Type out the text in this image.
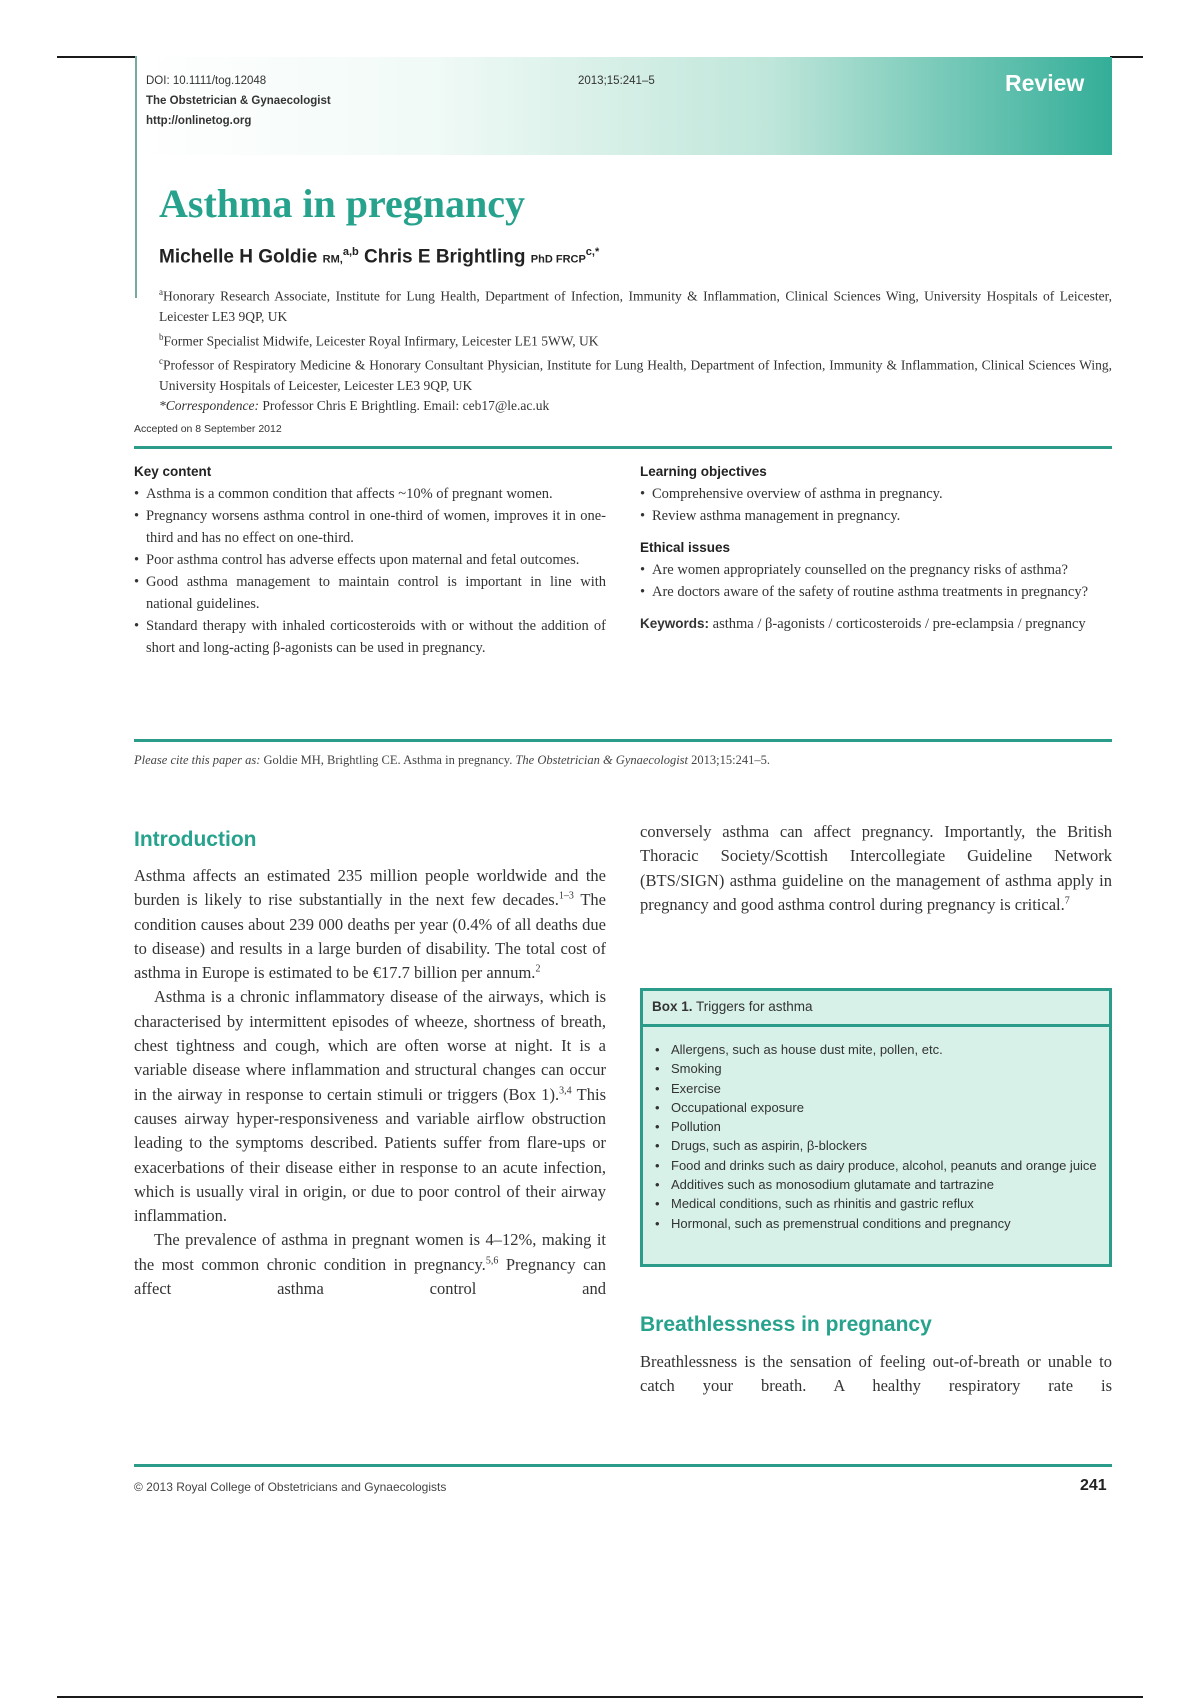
DOI: 10.1111/tog.12048
The Obstetrician & Gynaecologist
http://onlinetog.org
2013;15:241–5	Review
Asthma in pregnancy
Michelle H Goldie RM,$^{a,b}$ Chris E Brightling PhD $FRCP^{c,*}$
$^a$Honorary Research Associate, Institute for Lung Health, Department of Infection, Immunity & Inflammation, Clinical Sciences Wing, University Hospitals of Leicester, Leicester LE3 9QP, UK
$^b$Former Specialist Midwife, Leicester Royal Infirmary, Leicester LE1 5WW, UK
$^c$Professor of Respiratory Medicine & Honorary Consultant Physician, Institute for Lung Health, Department of Infection, Immunity & Inflammation, Clinical Sciences Wing, University Hospitals of Leicester, Leicester LE3 9QP, UK
*Correspondence: Professor Chris E Brightling. Email: ceb17@le.ac.uk
Accepted on 8 September 2012
Key content
• Asthma is a common condition that affects ~10% of pregnant women.
• Pregnancy worsens asthma control in one-third of women, improves it in one-third and has no effect on one-third.
• Poor asthma control has adverse effects upon maternal and fetal outcomes.
• Good asthma management to maintain control is important in line with national guidelines.
• Standard therapy with inhaled corticosteroids with or without the addition of short and long-acting β-agonists can be used in pregnancy.
Learning objectives
• Comprehensive overview of asthma in pregnancy.
• Review asthma management in pregnancy.
Ethical issues
• Are women appropriately counselled on the pregnancy risks of asthma?
• Are doctors aware of the safety of routine asthma treatments in pregnancy?
Keywords: asthma / β-agonists / corticosteroids / pre-eclampsia / pregnancy
Please cite this paper as: Goldie MH, Brightling CE. Asthma in pregnancy. The Obstetrician & Gynaecologist 2013;15:241–5.
Introduction

Asthma affects an estimated 235 million people worldwide and the burden is likely to rise substantially in the next few decades.$^{1-3}$ The condition causes about 239 000 deaths per year (0.4% of all deaths due to disease) and results in a large burden of disability. The total cost of asthma in Europe is estimated to be €17.7 billion per annum.$^2$

Asthma is a chronic inflammatory disease of the airways, which is characterised by intermittent episodes of wheeze, shortness of breath, chest tightness and cough, which are often worse at night. It is a variable disease where inflammation and structural changes can occur in the airway in response to certain stimuli or triggers (Box 1).$^{3,4}$ This causes airway hyper-responsiveness and variable airflow obstruction leading to the symptoms described. Patients suffer from flare-ups or exacerbations of their disease either in response to an acute infection, which is usually viral in origin, or due to poor control of their airway inflammation.

The prevalence of asthma in pregnant women is 4–12%, making it the most common chronic condition in pregnancy.$^{5,6}$ Pregnancy can affect asthma control and

conversely asthma can affect pregnancy. Importantly, the British Thoracic Society/Scottish Intercollegiate Guideline Network (BTS/SIGN) asthma guideline on the management of asthma apply in pregnancy and good asthma control during pregnancy is critical.$^7$

Box 1. Triggers for asthma
• Allergens, such as house dust mite, pollen, etc.
• Smoking
• Exercise
• Occupational exposure
• Pollution
• Drugs, such as aspirin, β-blockers
• Food and drinks such as dairy produce, alcohol, peanuts and orange juice
• Additives such as monosodium glutamate and tartrazine
• Medical conditions, such as rhinitis and gastric reflux
• Hormonal, such as premenstrual conditions and pregnancy
Breathlessness in pregnancy

Breathlessness is the sensation of feeling out-of-breath or unable to catch your breath. A healthy respiratory rate is

© 2013 Royal College of Obstetricians and Gynaecologists	241
